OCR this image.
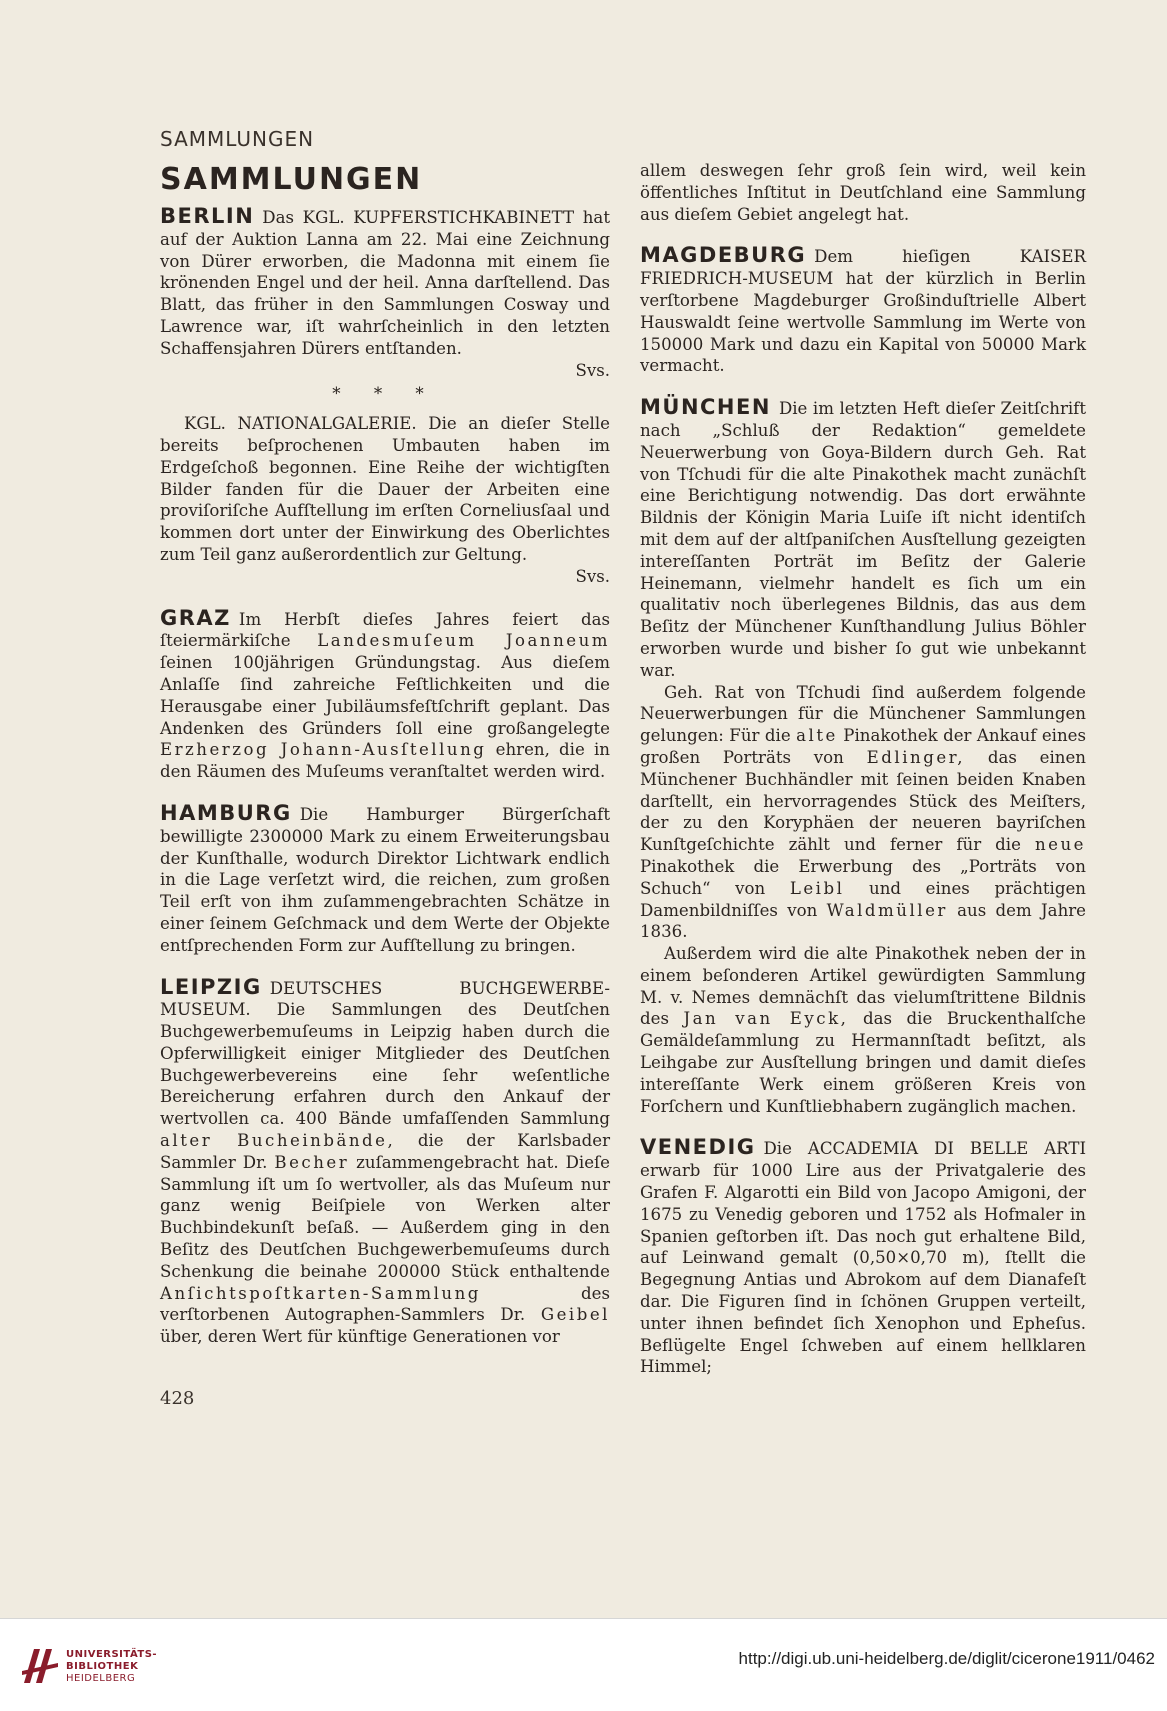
SAMMLUNGEN
SAMMLUNGEN

BERLIN Das KGL. KUPFERSTICHKABINETT hat auf der Auktion Lanna am 22. Mai eine Zeichnung von Dürer erworben, die Madonna mit einem ſie krönenden Engel und der heil. Anna darſtellend. Das Blatt, das früher in den Sammlungen Cosway und Lawrence war, iſt wahrſcheinlich in den letzten Schaffensjahren Dürers entſtanden.

Svs.

* * *

KGL. NATIONALGALERIE. Die an dieſer Stelle bereits beſprochenen Umbauten haben im Erdgeſchoß begonnen. Eine Reihe der wichtigſten Bilder fanden für die Dauer der Arbeiten eine proviſoriſche Aufſtellung im erſten Corneliusſaal und kommen dort unter der Einwirkung des Oberlichtes zum Teil ganz außerordentlich zur Geltung.

Svs.

GRAZ Im Herbſt dieſes Jahres feiert das ſteiermärkiſche Landesmuſeum Joanneum ſeinen 100jährigen Gründungstag. Aus dieſem Anlaſſe ſind zahreiche Feſtlichkeiten und die Herausgabe einer Jubiläumsfeſtſchrift geplant. Das Andenken des Gründers ſoll eine großangelegte Erzherzog Johann-Ausſtellung ehren, die in den Räumen des Muſeums veranſtaltet werden wird.

HAMBURG Die Hamburger Bürgerſchaft bewilligte 2300000 Mark zu einem Erweiterungsbau der Kunſthalle, wodurch Direktor Lichtwark endlich in die Lage verſetzt wird, die reichen, zum großen Teil erſt von ihm zuſammengebrachten Schätze in einer ſeinem Geſchmack und dem Werte der Objekte entſprechenden Form zur Aufſtellung zu bringen.

LEIPZIG DEUTSCHES BUCHGEWERBE-MUSEUM. Die Sammlungen des Deutſchen Buchgewerbemuſeums in Leipzig haben durch die Opferwilligkeit einiger Mitglieder des Deutſchen Buchgewerbevereins eine ſehr weſentliche Bereicherung erfahren durch den Ankauf der wertvollen ca. 400 Bände umfaſſenden Sammlung alter Bucheinbände, die der Karlsbader Sammler Dr. Becher zuſammengebracht hat. Dieſe Sammlung iſt um ſo wertvoller, als das Muſeum nur ganz wenig Beiſpiele von Werken alter Buchbindekunſt beſaß. — Außerdem ging in den Beſitz des Deutſchen Buchgewerbemuſeums durch Schenkung die beinahe 200000 Stück enthaltende Anſichtspoſtkarten-Sammlung	des verſtorbenen Autographen-Sammlers Dr. Geibel über, deren Wert für künftige Generationen vor

allem deswegen ſehr groß ſein wird, weil kein öffentliches Inſtitut in Deutſchland eine Sammlung aus dieſem Gebiet angelegt hat.

MAGDEBURG Dem hieſigen KAISER FRIEDRICH-MUSEUM hat der kürzlich in Berlin verſtorbene Magdeburger Großinduſtrielle Albert Hauswaldt ſeine wertvolle Sammlung im Werte von 150000 Mark und dazu ein Kapital von 50000 Mark vermacht.

MÜNCHEN Die im letzten Heft dieſer Zeitſchrift nach „Schluß der Redaktion“ gemeldete Neuerwerbung von Goya-Bildern durch Geh. Rat von Tſchudi für die alte Pinakothek macht zunächſt eine Berichtigung notwendig. Das dort erwähnte Bildnis der Königin Maria Luiſe iſt nicht identiſch mit dem auf der altſpaniſchen Ausſtellung gezeigten intereſſanten Porträt im Beſitz der Galerie Heinemann, vielmehr handelt es ſich um ein qualitativ noch überlegenes Bildnis, das aus dem Beſitz der Münchener Kunſthandlung Julius Böhler erworben wurde und bisher ſo gut wie unbekannt war.

Geh. Rat von Tſchudi ſind außerdem folgende Neuerwerbungen für die Münchener Sammlungen gelungen: Für die alte Pinakothek der Ankauf eines großen Porträts von Edlinger, das einen Münchener Buchhändler mit ſeinen beiden Knaben darſtellt, ein hervorragendes Stück des Meiſters, der zu den Koryphäen der neueren bayriſchen Kunſtgeſchichte zählt und ferner für die neue Pinakothek die Erwerbung des „Porträts von Schuch“ von Leibl und eines prächtigen Damenbildniſſes von Waldmüller aus dem Jahre 1836.

Außerdem wird die alte Pinakothek neben der in einem beſonderen Artikel gewürdigten Sammlung M. v. Nemes demnächſt das vielumſtrittene Bildnis des Jan van Eyck, das die Bruckenthalſche Gemäldeſammlung zu Hermannſtadt beſitzt, als Leihgabe zur Ausſtellung bringen und damit dieſes intereſſante Werk einem größeren Kreis von Forſchern und Kunſtliebhabern zugänglich machen.

VENEDIG Die ACCADEMIA DI BELLE ARTI erwarb für 1000 Lire aus der Privatgalerie des Grafen F. Algarotti ein Bild von Jacopo Amigoni, der 1675 zu Venedig geboren und 1752 als Hofmaler in Spanien geſtorben iſt. Das noch gut erhaltene Bild, auf Leinwand gemalt (0,50×0,70 m), ſtellt die Begegnung Antias und Abrokom auf dem Dianafeſt dar. Die Figuren ſind in ſchönen Gruppen verteilt, unter ihnen befindet ſich Xenophon und Epheſus. Beflügelte Engel ſchweben auf einem hellklaren Himmel;

428
UNIVERSITÄTS-
BIBLIOTHEK
HEIDELBERG
http://digi.ub.uni-heidelberg.de/diglit/cicerone1911/0462
